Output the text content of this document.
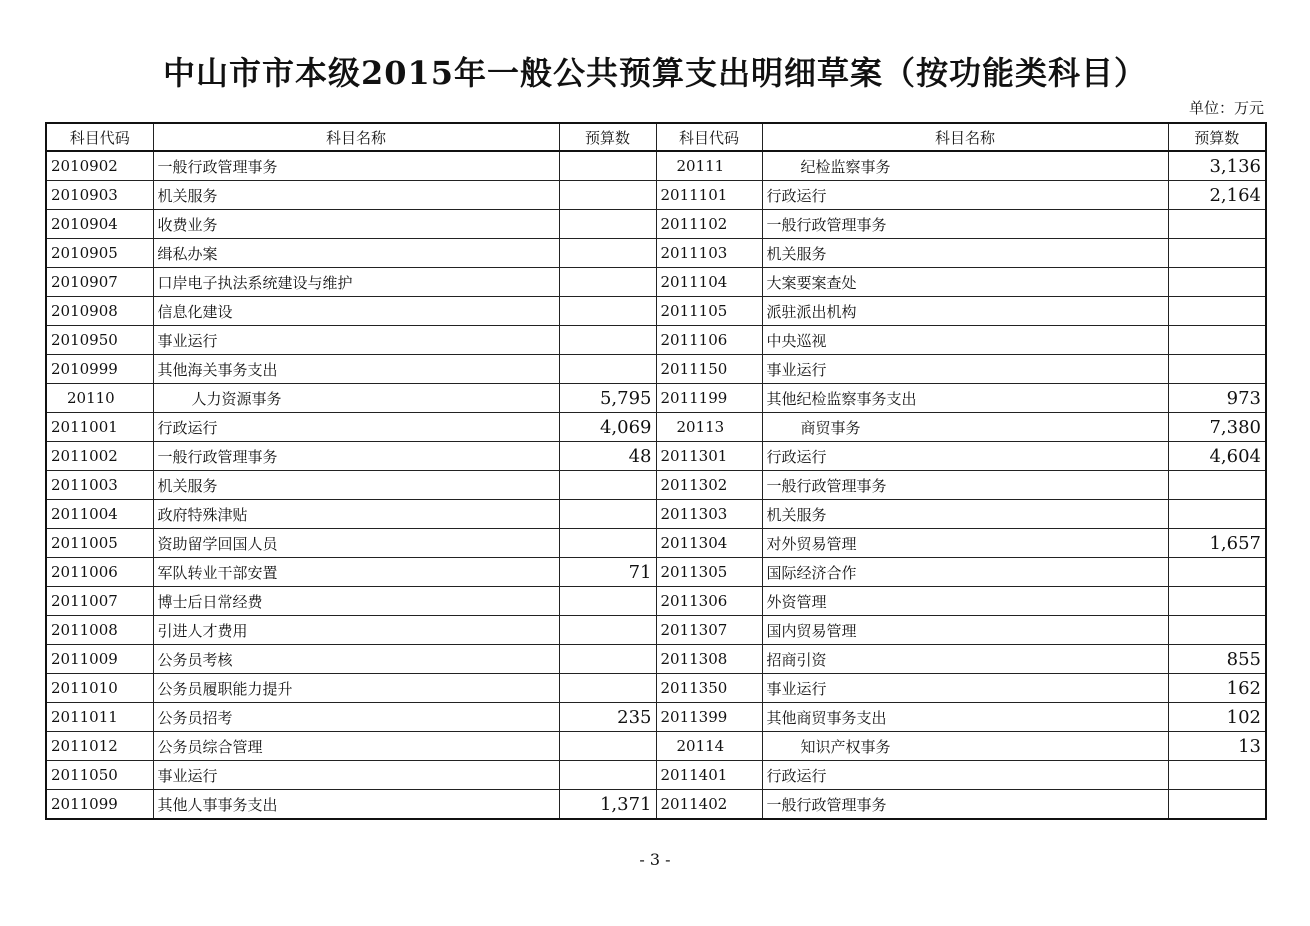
中山市市本级2015年一般公共预算支出明细草案（按功能类科目）
单位：万元
科目代码	科目名称	预算数	科目代码	科目名称	预算数
2010902	一般行政管理事务		20111	纪检监察事务	3,136
2010903	机关服务		2011101	行政运行	2,164
2010904	收费业务		2011102	一般行政管理事务	
2010905	缉私办案		2011103	机关服务	
2010907	口岸电子执法系统建设与维护		2011104	大案要案查处	
2010908	信息化建设		2011105	派驻派出机构	
2010950	事业运行		2011106	中央巡视	
2010999	其他海关事务支出		2011150	事业运行	
20110	人力资源事务	5,795	2011199	其他纪检监察事务支出	973
2011001	行政运行	4,069	20113	商贸事务	7,380
2011002	一般行政管理事务	48	2011301	行政运行	4,604
2011003	机关服务		2011302	一般行政管理事务	
2011004	政府特殊津贴		2011303	机关服务	
2011005	资助留学回国人员		2011304	对外贸易管理	1,657
2011006	军队转业干部安置	71	2011305	国际经济合作	
2011007	博士后日常经费		2011306	外资管理	
2011008	引进人才费用		2011307	国内贸易管理	
2011009	公务员考核		2011308	招商引资	855
2011010	公务员履职能力提升		2011350	事业运行	162
2011011	公务员招考	235	2011399	其他商贸事务支出	102
2011012	公务员综合管理		20114	知识产权事务	13
2011050	事业运行		2011401	行政运行	
2011099	其他人事事务支出	1,371	2011402	一般行政管理事务	
- 3 -
